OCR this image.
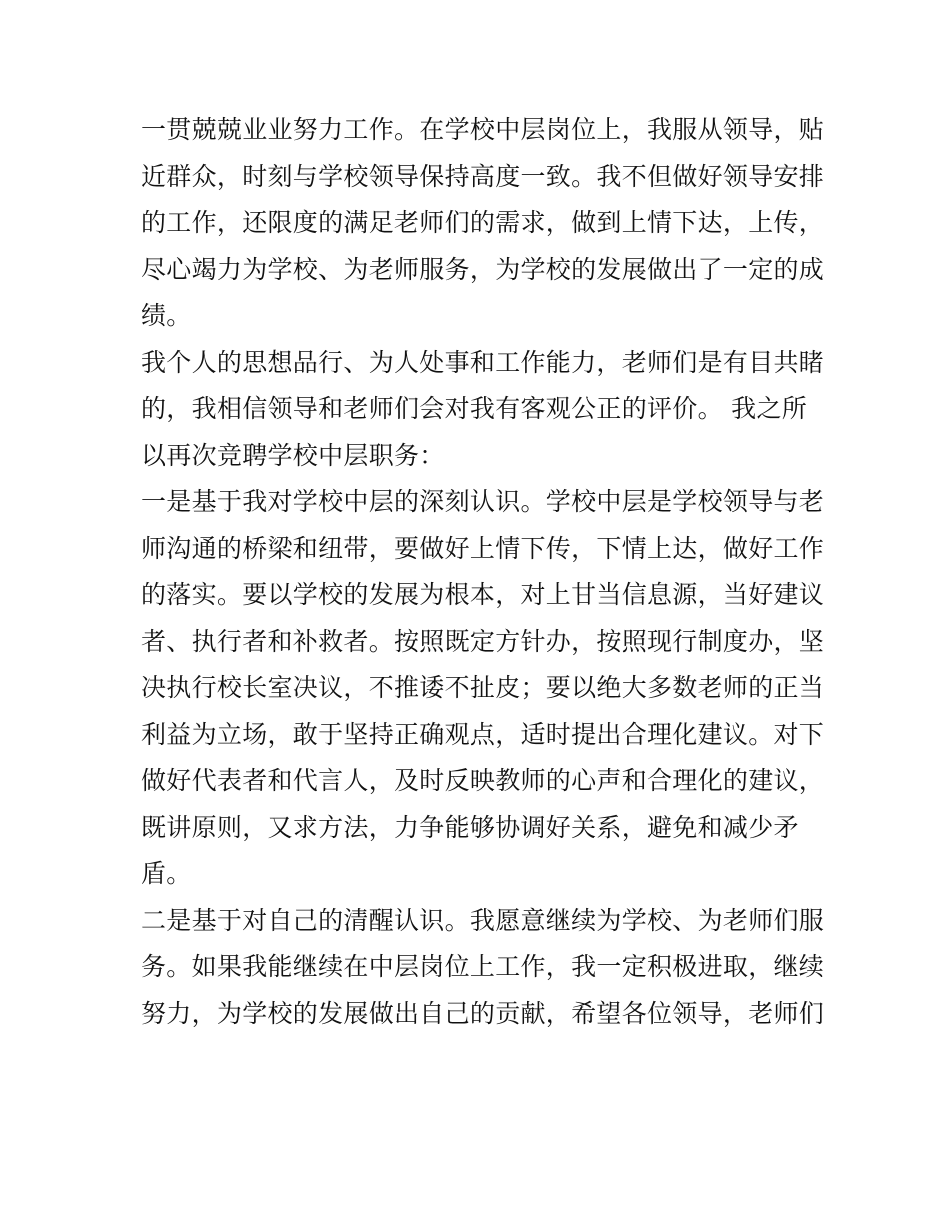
一贯兢兢业业努力工作。在学校中层岗位上，我服从领导，贴
近群众，时刻与学校领导保持高度一致。我不但做好领导安排
的工作，还限度的满足老师们的需求，做到上情下达，上传，
尽心竭力为学校、为老师服务，为学校的发展做出了一定的成
绩。
我个人的思想品行、为人处事和工作能力，老师们是有目共睹
的，我相信领导和老师们会对我有客观公正的评价。 我之所
以再次竞聘学校中层职务：
一是基于我对学校中层的深刻认识。学校中层是学校领导与老
师沟通的桥梁和纽带，要做好上情下传，下情上达，做好工作
的落实。要以学校的发展为根本，对上甘当信息源，当好建议
者、执行者和补救者。按照既定方针办，按照现行制度办，坚
决执行校长室决议，不推诿不扯皮；要以绝大多数老师的正当
利益为立场，敢于坚持正确观点，适时提出合理化建议。对下
做好代表者和代言人，及时反映教师的心声和合理化的建议，
既讲原则，又求方法，力争能够协调好关系，避免和减少矛
盾。
二是基于对自己的清醒认识。我愿意继续为学校、为老师们服
务。如果我能继续在中层岗位上工作，我一定积极进取，继续
努力，为学校的发展做出自己的贡献，希望各位领导，老师们
